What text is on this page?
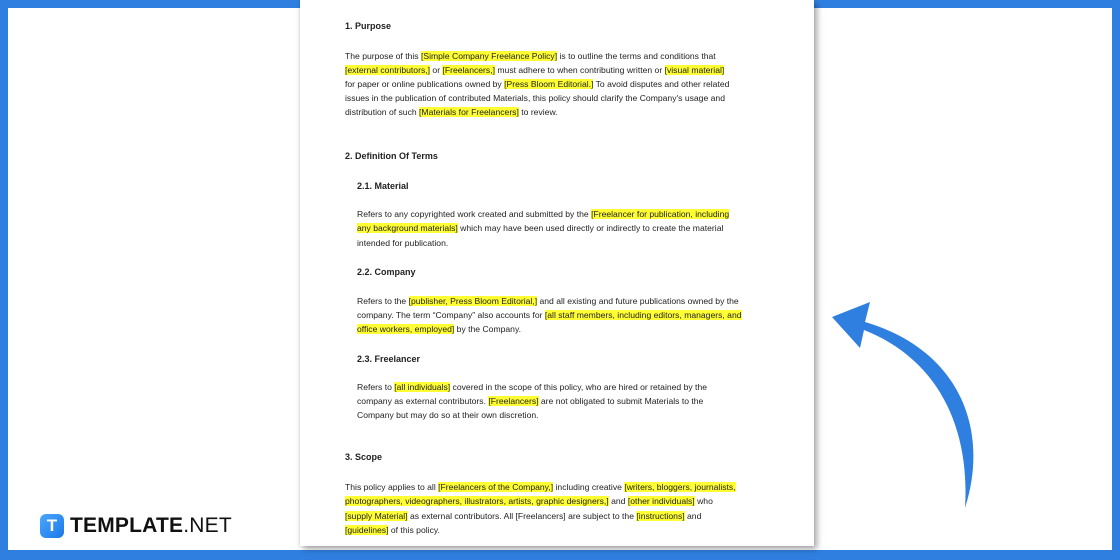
1. Purpose
The purpose of this [Simple Company Freelance Policy] is to outline the terms and conditions that
[external contributors,] or [Freelancers,] must adhere to when contributing written or [visual material]
for paper or online publications owned by [Press Bloom Editorial.] To avoid disputes and other related
issues in the publication of contributed Materials, this policy should clarify the Company's usage and
distribution of such [Materials for Freelancers] to review.
2. Definition Of Terms
2.1. Material
Refers to any copyrighted work created and submitted by the [Freelancer for publication, including
any background materials] which may have been used directly or indirectly to create the material
intended for publication.
2.2. Company
Refers to the [publisher, Press Bloom Editorial,] and all existing and future publications owned by the
company. The term “Company” also accounts for [all staff members, including editors, managers, and
office workers, employed] by the Company.
2.3. Freelancer
Refers to [all individuals] covered in the scope of this policy, who are hired or retained by the
company as external contributors. [Freelancers] are not obligated to submit Materials to the
Company but may do so at their own discretion.
3. Scope
This policy applies to all [Freelancers of the Company,] including creative [writers, bloggers, journalists,
photographers, videographers, illustrators, artists, graphic designers,] and [other individuals] who
[supply Material] as external contributors. All [Freelancers] are subject to the [instructions] and
[guidelines] of this policy.
T TEMPLATE.NET
